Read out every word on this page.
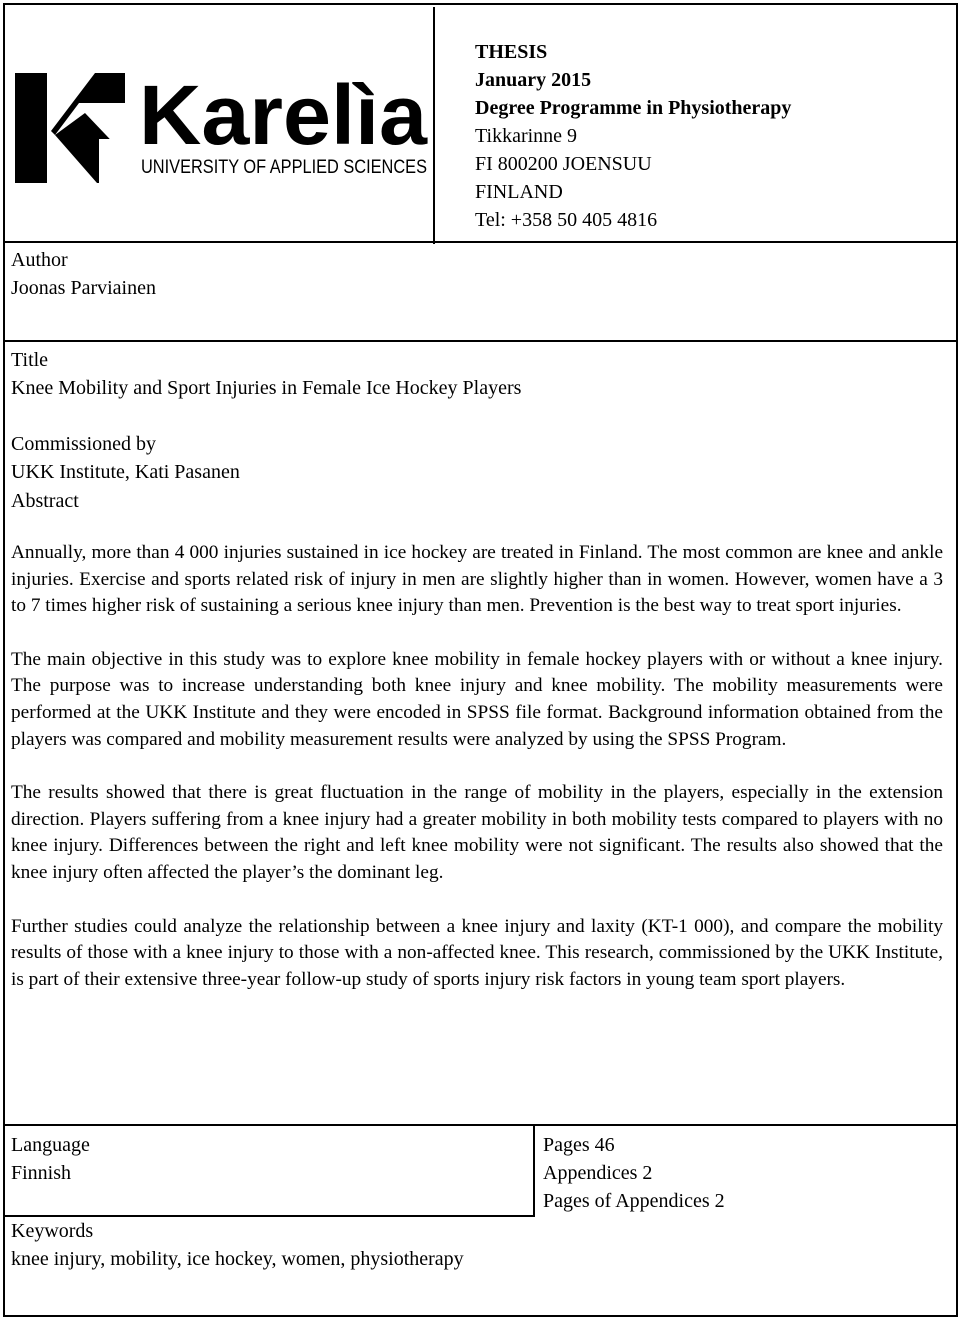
Karelìa
UNIVERSITY OF APPLIED SCIENCES

THESIS

January 2015

Degree Programme in Physiotherapy

Tikkarinne 9

FI 800200 JOENSUU

FINLAND

Tel: +358 50 405 4816

Author

Joonas Parviainen

Title

Knee Mobility and Sport Injuries in Female Ice Hockey Players

Commissioned by

UKK Institute, Kati Pasanen

Abstract

Annually, more than 4 000 injuries sustained in ice hockey are treated in Finland. The most common are knee and ankle injuries. Exercise and sports related risk of injury in men are slightly higher than in women. However, women have a 3 to 7 times higher risk of sustaining a serious knee injury than men. Prevention is the best way to treat sport injuries.

The main objective in this study was to explore knee mobility in female hockey players with or without a knee injury. The purpose was to increase understanding both knee injury and knee mobility. The mobility measurements were performed at the UKK Institute and they were encoded in SPSS file format. Background information obtained from the players was compared and mobility measurement results were analyzed by using the SPSS Program.

The results showed that there is great fluctuation in the range of mobility in the players, especially in the extension direction. Players suffering from a knee injury had a greater mobility in both mobility tests compared to players with no knee injury. Differences between the right and left knee mobility were not significant. The results also showed that the knee injury often affected the player’s the dominant leg.

Further studies could analyze the relationship between a knee injury and laxity (KT-1 000), and compare the mobility results of those with a knee injury to those with a non-affected knee. This research, commissioned by the UKK Institute, is part of their extensive three-year follow-up study of sports injury risk factors in young team sport players.

Language

Finnish

Pages 46

Appendices 2

Pages of Appendices 2

Keywords

knee injury, mobility, ice hockey, women, physiotherapy
